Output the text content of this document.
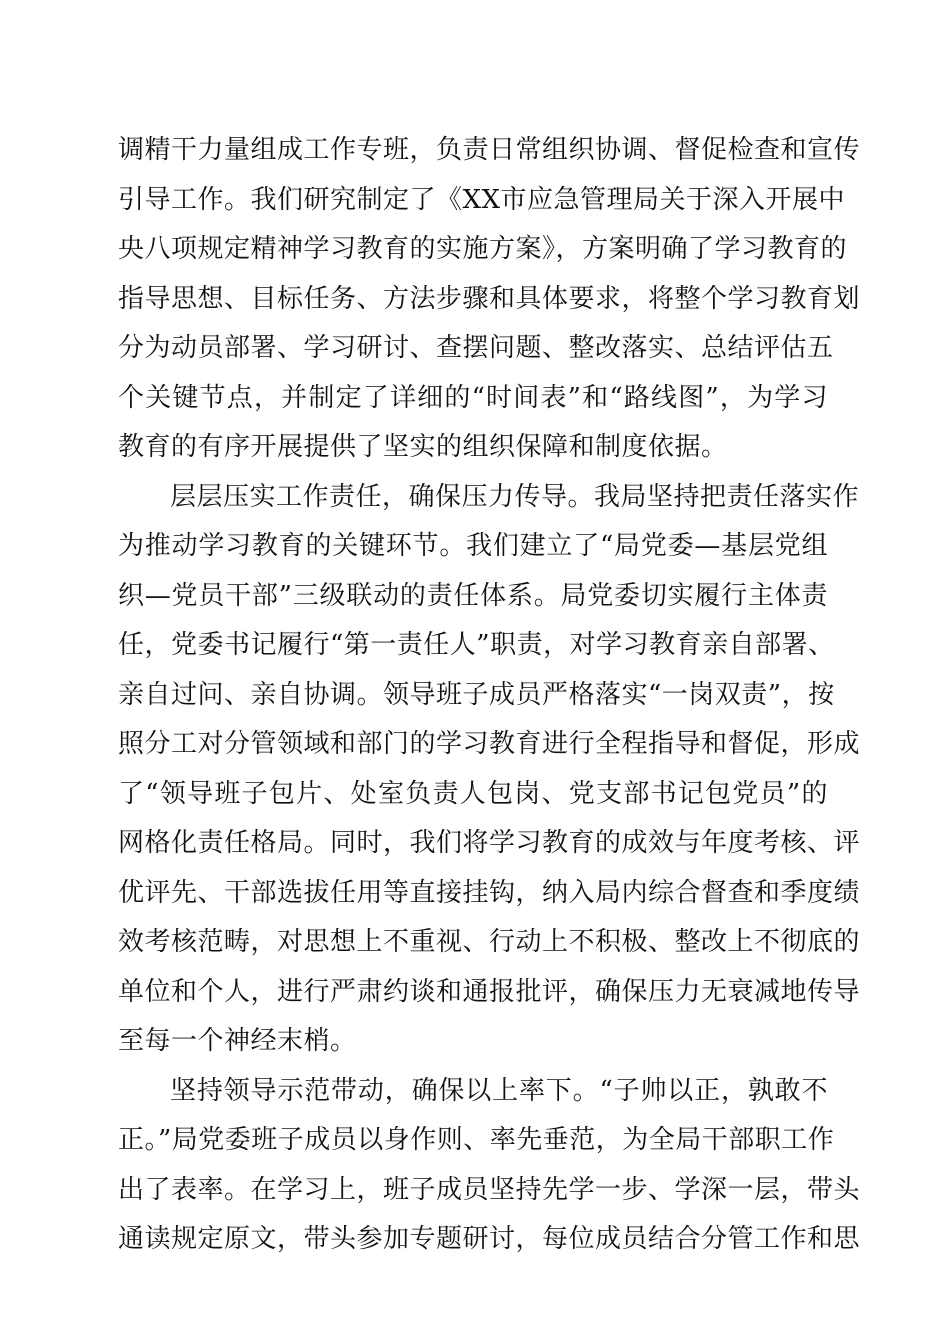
调精干力量组成工作专班，负责日常组织协调、督促检查和宣传
引导工作。我们研究制定了《XX市应急管理局关于深入开展中
央八项规定精神学习教育的实施方案》，方案明确了学习教育的
指导思想、目标任务、方法步骤和具体要求，将整个学习教育划
分为动员部署、学习研讨、查摆问题、整改落实、总结评估五
个关键节点，并制定了详细的“时间表”和“路线图”，为学习
教育的有序开展提供了坚实的组织保障和制度依据。
层层压实工作责任，确保压力传导。我局坚持把责任落实作
为推动学习教育的关键环节。我们建立了“局党委—基层党组
织—党员干部”三级联动的责任体系。局党委切实履行主体责
任，党委书记履行“第一责任人”职责，对学习教育亲自部署、
亲自过问、亲自协调。领导班子成员严格落实“一岗双责”，按
照分工对分管领域和部门的学习教育进行全程指导和督促，形成
了“领导班子包片、处室负责人包岗、党支部书记包党员”的
网格化责任格局。同时，我们将学习教育的成效与年度考核、评
优评先、干部选拔任用等直接挂钩，纳入局内综合督查和季度绩
效考核范畴，对思想上不重视、行动上不积极、整改上不彻底的
单位和个人，进行严肃约谈和通报批评，确保压力无衰减地传导
至每一个神经末梢。
坚持领导示范带动，确保以上率下。“子帅以正，孰敢不
正。”局党委班子成员以身作则、率先垂范，为全局干部职工作
出了表率。在学习上，班子成员坚持先学一步、学深一层，带头
通读规定原文，带头参加专题研讨，每位成员结合分管工作和思
